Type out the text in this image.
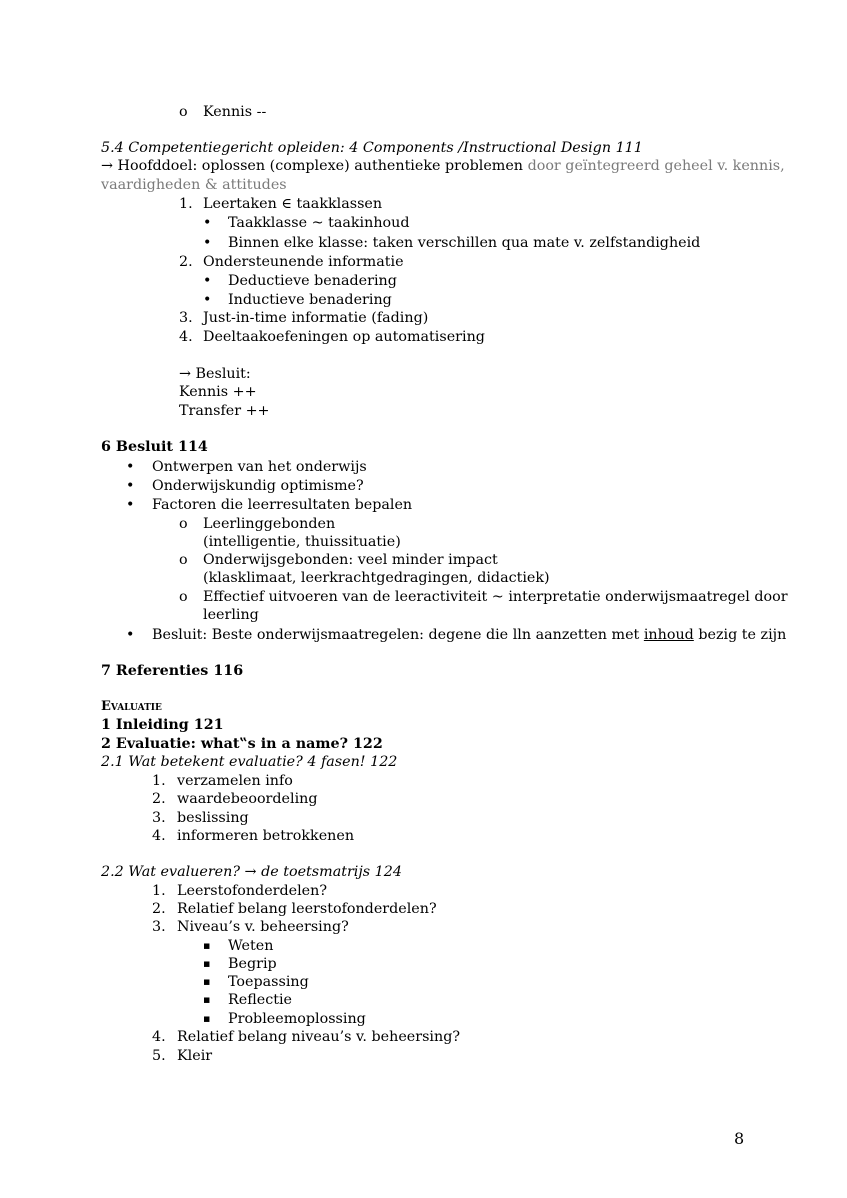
o Kennis --
5.4 Competentiegericht opleiden: 4 Components /Instructional Design 111
→ Hoofddoel: oplossen (complexe) authentieke problemen door geïntegreerd geheel v. kennis,
vaardigheden & attitudes
1. Leertaken ∈ taakklassen
• Taakklasse ~ taakinhoud
• Binnen elke klasse: taken verschillen qua mate v. zelfstandigheid
2. Ondersteunende informatie
• Deductieve benadering
• Inductieve benadering
3. Just-in-time informatie (fading)
4. Deeltaakoefeningen op automatisering
→ Besluit:
Kennis ++
Transfer ++
6 Besluit 114
• Ontwerpen van het onderwijs
• Onderwijskundig optimisme?
• Factoren die leerresultaten bepalen
o Leerlinggebonden
(intelligentie, thuissituatie)
o Onderwijsgebonden: veel minder impact
(klasklimaat, leerkrachtgedragingen, didactiek)
o Effectief uitvoeren van de leeractiviteit ~ interpretatie onderwijsmaatregel door
leerling
• Besluit: Beste onderwijsmaatregelen: degene die lln aanzetten met inhoud bezig te zijn
7 Referenties 116
Evaluatie
1 Inleiding 121
2 Evaluatie: what‟s in a name? 122
2.1 Wat betekent evaluatie? 4 fasen! 122
1. verzamelen info
2. waardebeoordeling
3. beslissing
4. informeren betrokkenen
2.2 Wat evalueren? → de toetsmatrijs 124
1. Leerstofonderdelen?
2. Relatief belang leerstofonderdelen?
3. Niveau’s v. beheersing?
▪ Weten
▪ Begrip
▪ Toepassing
▪ Reflectie
▪ Probleemoplossing
4. Relatief belang niveau’s v. beheersing?
5. Kleir
8
